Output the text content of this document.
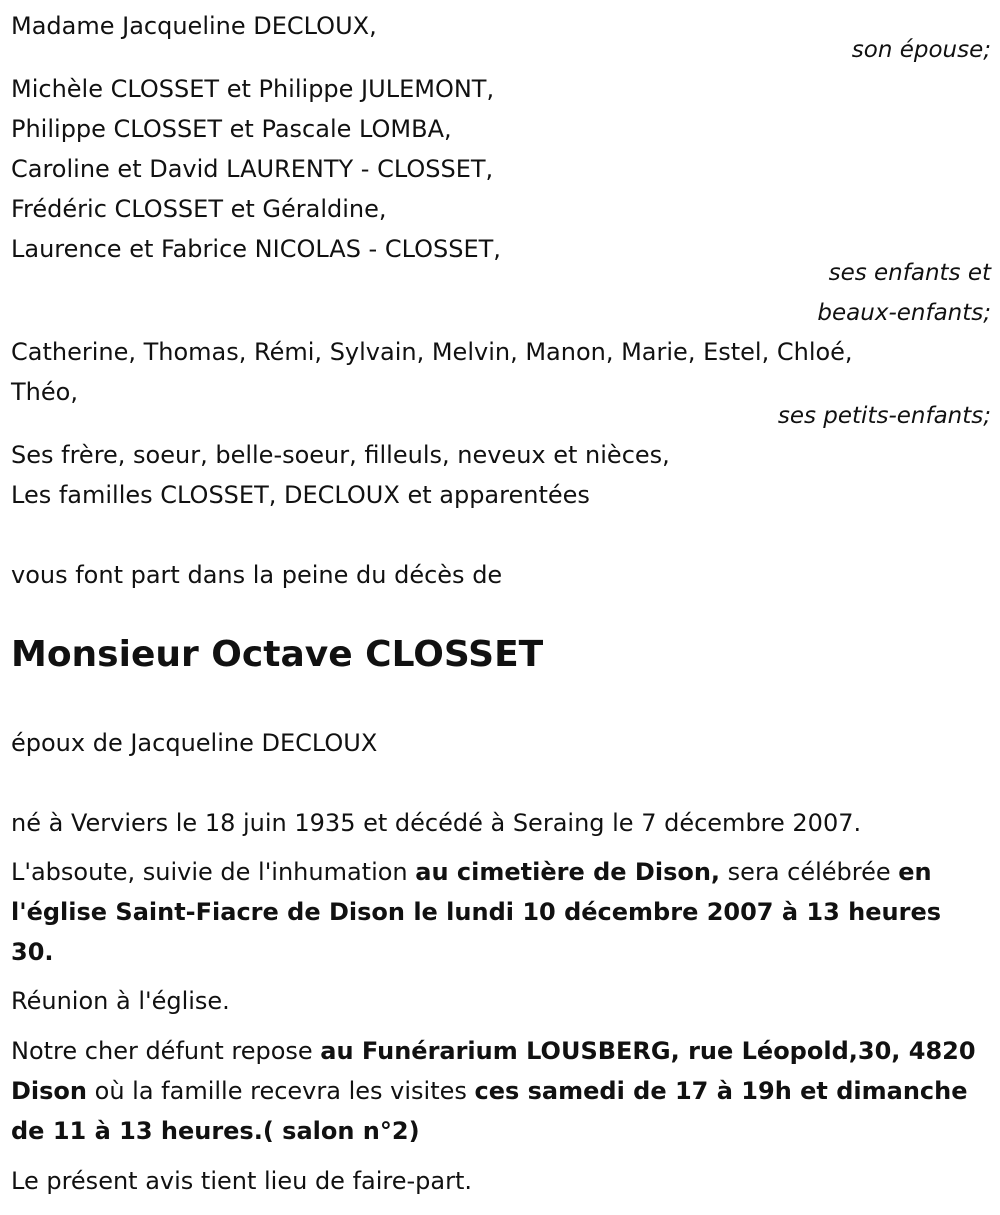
Madame Jacqueline DECLOUX,
son épouse;
Michèle CLOSSET et Philippe JULEMONT,
Philippe CLOSSET et Pascale LOMBA,
Caroline et David LAURENTY - CLOSSET,
Frédéric CLOSSET et Géraldine,
Laurence et Fabrice NICOLAS - CLOSSET,
ses enfants et
beaux-enfants;
Catherine, Thomas, Rémi, Sylvain, Melvin, Manon, Marie, Estel, Chloé,
Théo,
ses petits-enfants;
Ses frère, soeur, belle-soeur, filleuls, neveux et nièces,
Les familles CLOSSET, DECLOUX et apparentées
vous font part dans la peine du décès de
Monsieur Octave CLOSSET
époux de Jacqueline DECLOUX
né à Verviers le 18 juin 1935 et décédé à Seraing le 7 décembre 2007.
L'absoute, suivie de l'inhumation au cimetière de Dison, sera célébrée en l'église Saint-Fiacre de Dison le lundi 10 décembre 2007 à 13 heures 30.
Réunion à l'église.
Notre cher défunt repose au Funérarium LOUSBERG, rue Léopold,30, 4820 Dison où la famille recevra les visites ces samedi de 17 à 19h et dimanche de 11 à 13 heures.( salon n°2)
Le présent avis tient lieu de faire-part.
